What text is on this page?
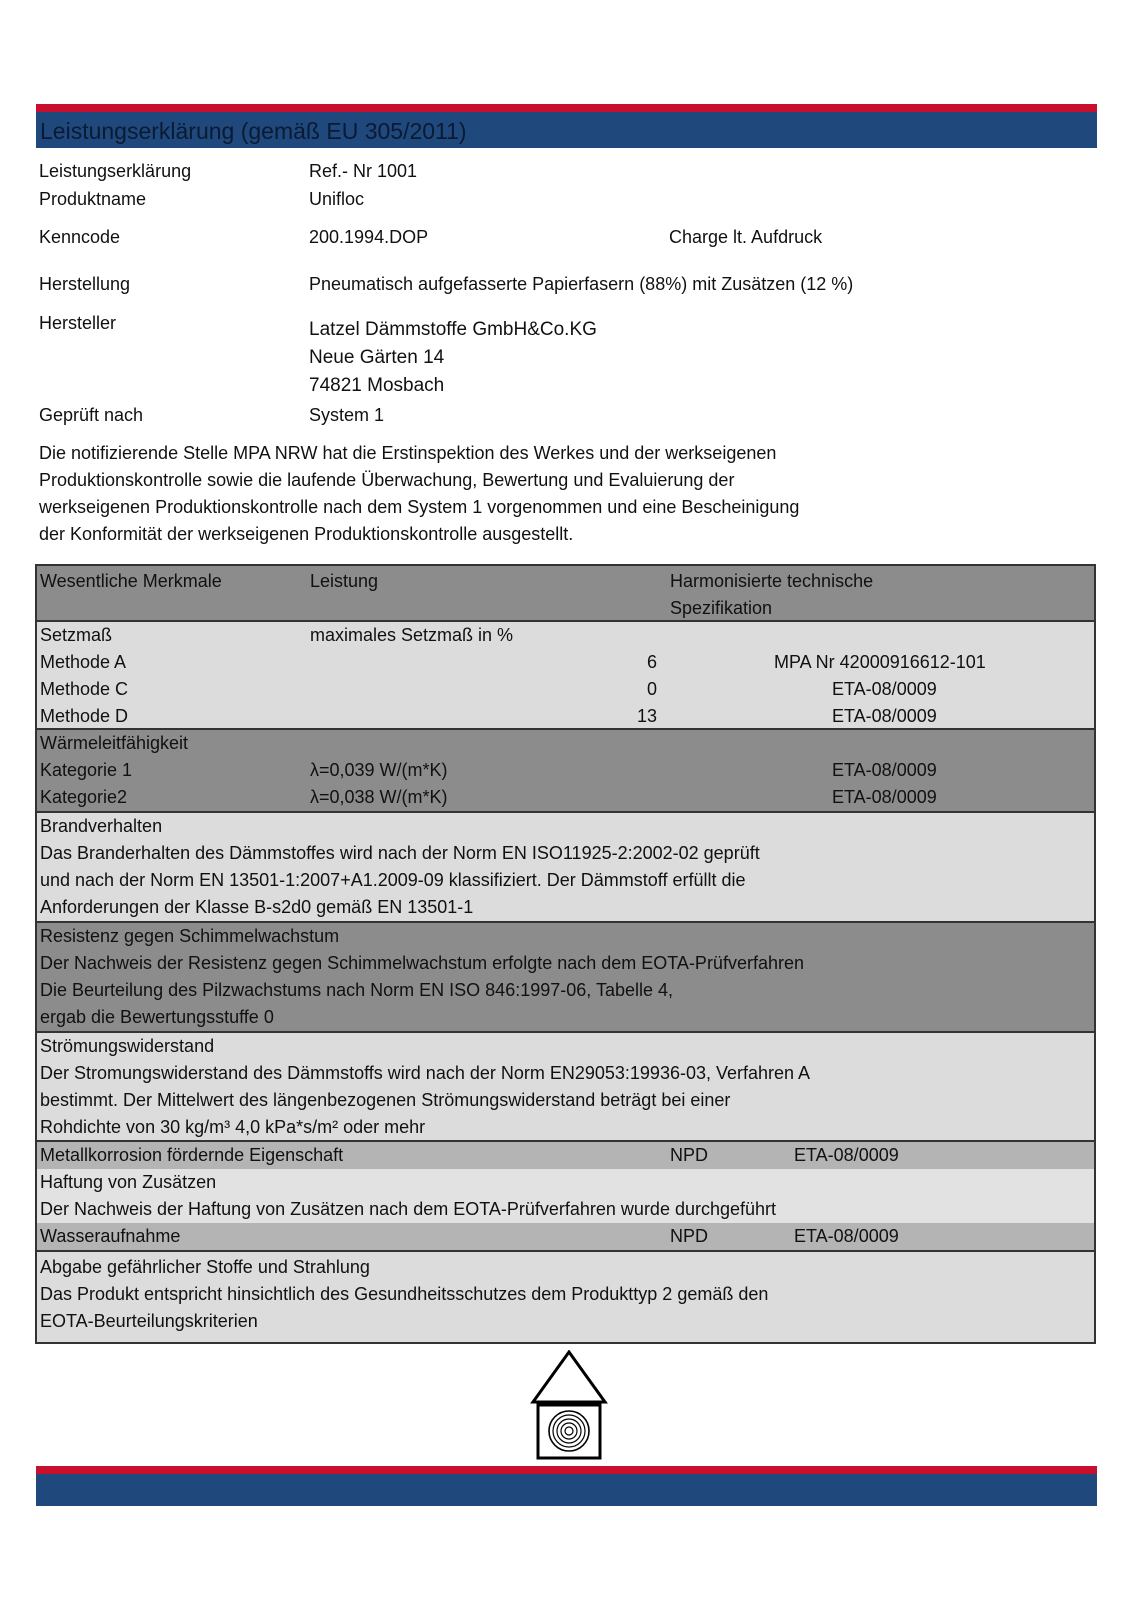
Leistungserklärung (gemäß EU 305/2011)
Leistungserklärung	Ref.- Nr 1001
Produktname	Unifloc
Kenncode	200.1994.DOP	Charge lt. Aufdruck
Herstellung	Pneumatisch aufgefasserte Papierfasern (88%) mit Zusätzen (12 %)
Hersteller	Latzel Dämmstoffe GmbH&Co.KG
Neue Gärten 14
74821 Mosbach
Geprüft nach	System 1
Die notifizierende Stelle MPA NRW hat die Erstinspektion des Werkes und der werkseigenen
Produktionskontrolle sowie die laufende Überwachung, Bewertung und Evaluierung der
werkseigenen Produktionskontrolle nach dem System 1 vorgenommen und eine Bescheinigung
der Konformität der werkseigenen Produktionskontrolle ausgestellt.
Wesentliche Merkmale	Leistung	Harmonisierte technische
Spezifikation
Setzmaß	maximales Setzmaß in %
Methode A	6	MPA Nr 42000916612-101
Methode C	0	ETA-08/0009
Methode D	13	ETA-08/0009
Wärmeleitfähigkeit
Kategorie 1	λ=0,039 W/(m*K)	ETA-08/0009
Kategorie2	λ=0,038 W/(m*K)	ETA-08/0009
Brandverhalten
Das Branderhalten des Dämmstoffes wird nach der Norm EN ISO11925-2:2002-02 geprüft
und nach der Norm EN 13501-1:2007+A1.2009-09 klassifiziert. Der Dämmstoff erfüllt die
Anforderungen der Klasse B-s2d0 gemäß EN 13501-1
Resistenz gegen Schimmelwachstum
Der Nachweis der Resistenz gegen Schimmelwachstum erfolgte nach dem EOTA-Prüfverfahren
Die Beurteilung des Pilzwachstums nach Norm EN ISO 846:1997-06, Tabelle 4,
ergab die Bewertungsstuffe 0
Strömungswiderstand
Der Stromungswiderstand des Dämmstoffs wird nach der Norm EN29053:19936-03, Verfahren A
bestimmt. Der Mittelwert des längenbezogenen Strömungswiderstand beträgt bei einer
Rohdichte von 30 kg/m³ 4,0 kPa*s/m² oder mehr
Metallkorrosion fördernde Eigenschaft	NPD	ETA-08/0009
Haftung von Zusätzen
Der Nachweis der Haftung von Zusätzen nach dem EOTA-Prüfverfahren wurde durchgeführt
Wasseraufnahme	NPD	ETA-08/0009
Abgabe gefährlicher Stoffe und Strahlung
Das Produkt entspricht hinsichtlich des Gesundheitsschutzes dem Produkttyp 2 gemäß den
EOTA-Beurteilungskriterien
